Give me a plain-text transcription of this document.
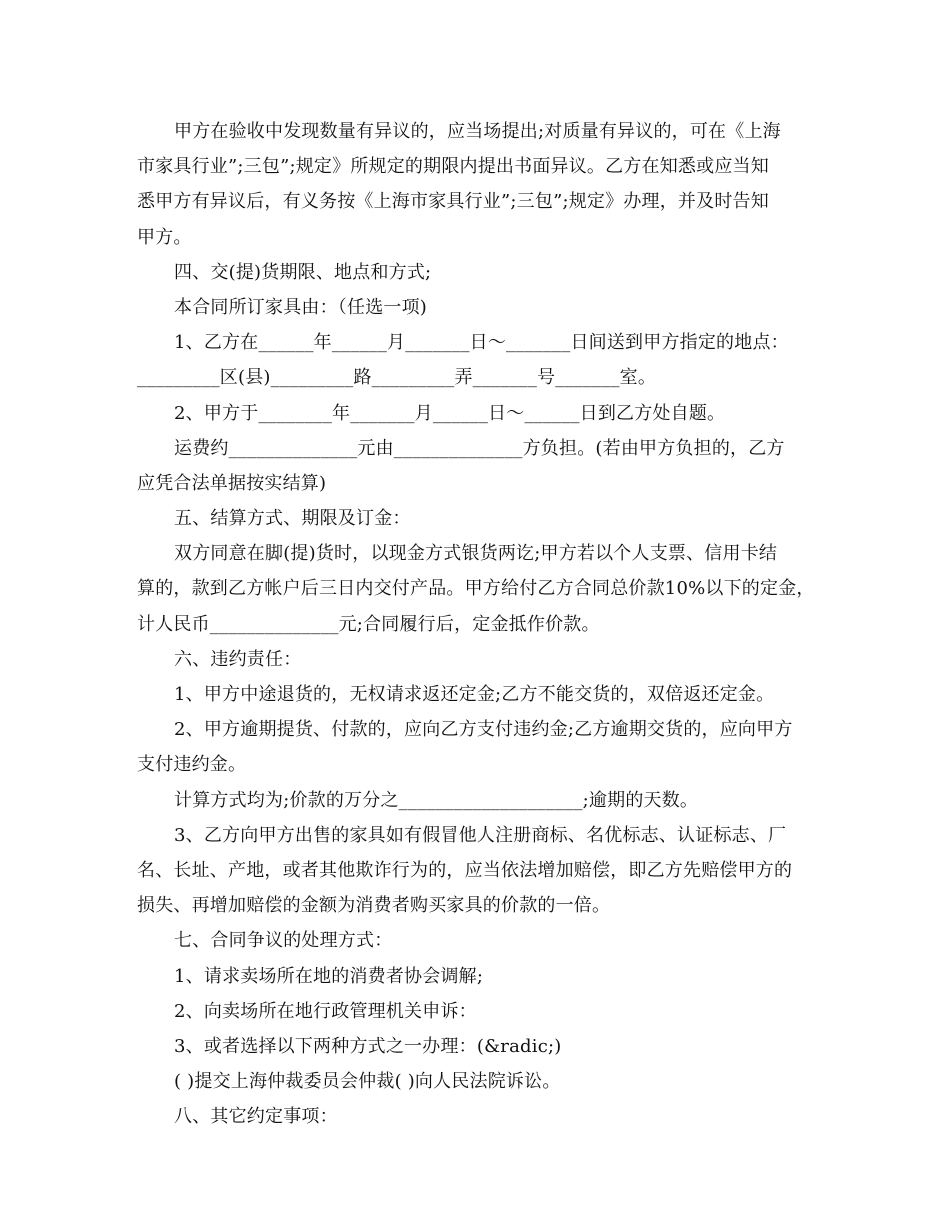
甲方在验收中发现数量有异议的，应当场提出;对质量有异议的，可在《上海
市家具行业”;三包”;规定》所规定的期限内提出书面异议。乙方在知悉或应当知
悉甲方有异议后，有义务按《上海市家具行业”;三包”;规定》办理，并及时告知
甲方。
四、交(提)货期限、地点和方式;
本合同所订家具由：（任选一项)
1、乙方在______年______月_______日～_______日间送到甲方指定的地点：
_________区(县)_________路_________弄_______号_______室。
2、甲方于________年_______月______日～______日到乙方处自题。
运费约______________元由______________方负担。(若由甲方负担的，乙方
应凭合法单据按实结算)
五、结算方式、期限及订金：
双方同意在脚(提)货时，以现金方式银货两讫;甲方若以个人支票、信用卡结
算的，款到乙方帐户后三日内交付产品。甲方给付乙方合同总价款10%以下的定金，
计人民币______________元;合同履行后，定金抵作价款。
六、违约责任：
1、甲方中途退货的，无权请求返还定金;乙方不能交货的，双倍返还定金。
2、甲方逾期提货、付款的，应向乙方支付违约金;乙方逾期交货的，应向甲方
支付违约金。
计算方式均为;价款的万分之____________________;逾期的天数。
3、乙方向甲方出售的家具如有假冒他人注册商标、名优标志、认证标志、厂
名、长址、产地，或者其他欺诈行为的，应当依法增加赔偿，即乙方先赔偿甲方的
损失、再增加赔偿的金额为消费者购买家具的价款的一倍。
七、合同争议的处理方式：
1、请求卖场所在地的消费者协会调解;
2、向卖场所在地行政管理机关申诉：
3、或者选择以下两种方式之一办理：(&radic;)
( )提交上海仲裁委员会仲裁( )向人民法院诉讼。
八、其它约定事项：
